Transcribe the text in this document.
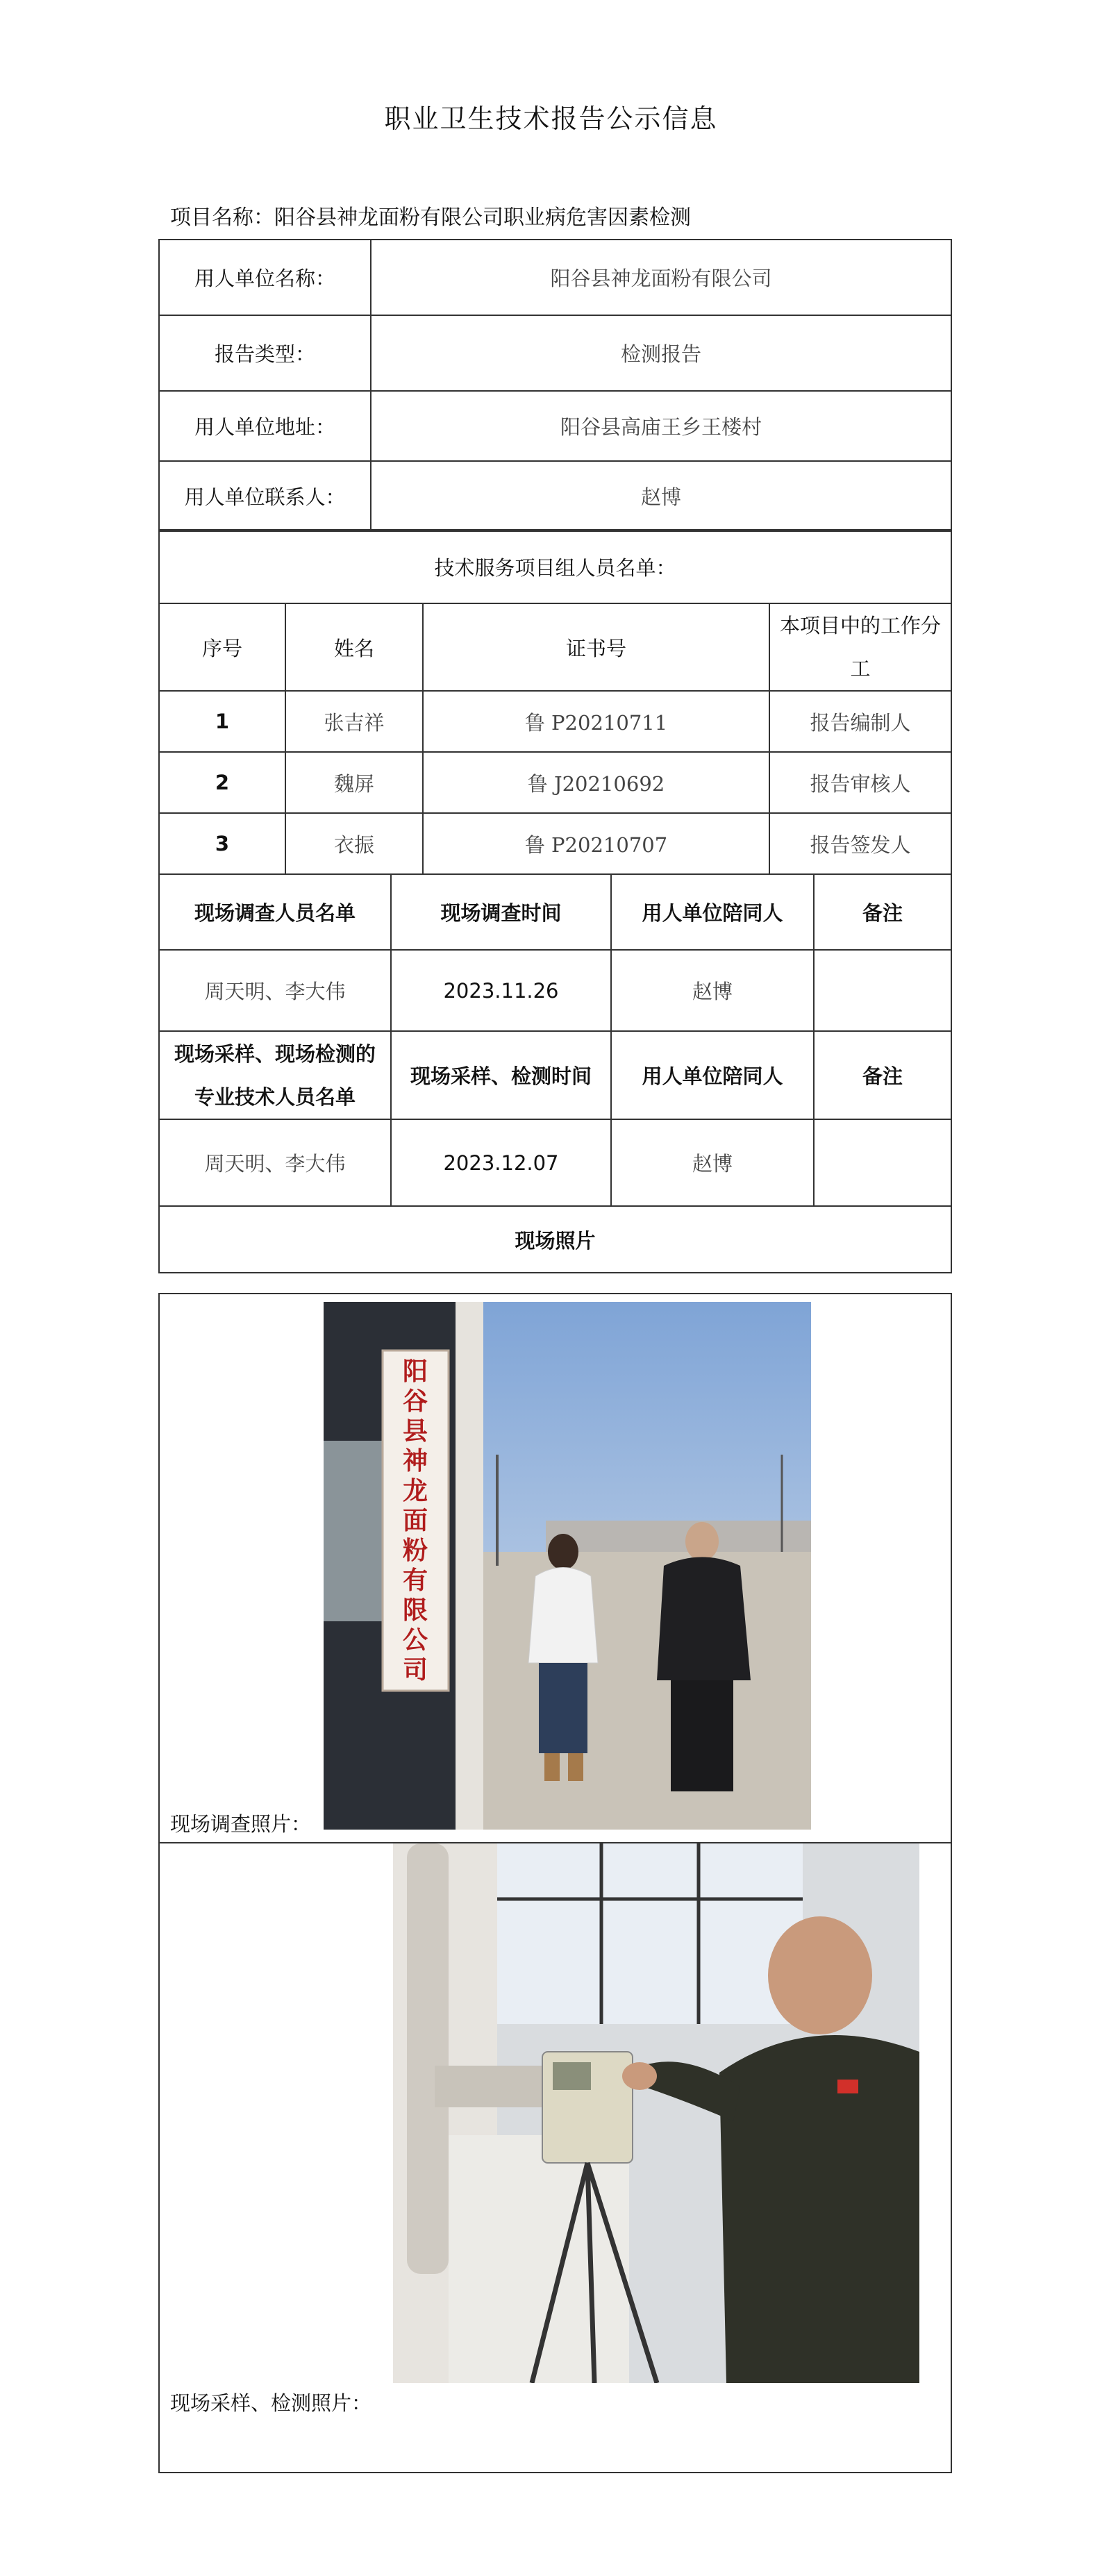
职业卫生技术报告公示信息
项目名称：阳谷县神龙面粉有限公司职业病危害因素检测
用人单位名称：	阳谷县神龙面粉有限公司
报告类型：	检测报告
用人单位地址：	阳谷县高庙王乡王楼村
用人单位联系人：	赵博
技术服务项目组人员名单：			
序号	姓名	证书号	本项目中的工作分工
1	张吉祥	鲁 P20210711	报告编制人
2	魏屏	鲁 J20210692	报告审核人
3	衣振	鲁 P20210707	报告签发人
现场调查人员名单	现场调查时间	用人单位陪同人	备注
周天明、李大伟	2023.11.26	赵博	
现场采样、现场检测的专业技术人员名单	现场采样、检测时间	用人单位陪同人	备注
周天明、李大伟	2023.12.07	赵博	
现场照片			
阳
谷
县
神
龙
面
粉
有
限
公
司
现场调查照片：
现场采样、检测照片：
